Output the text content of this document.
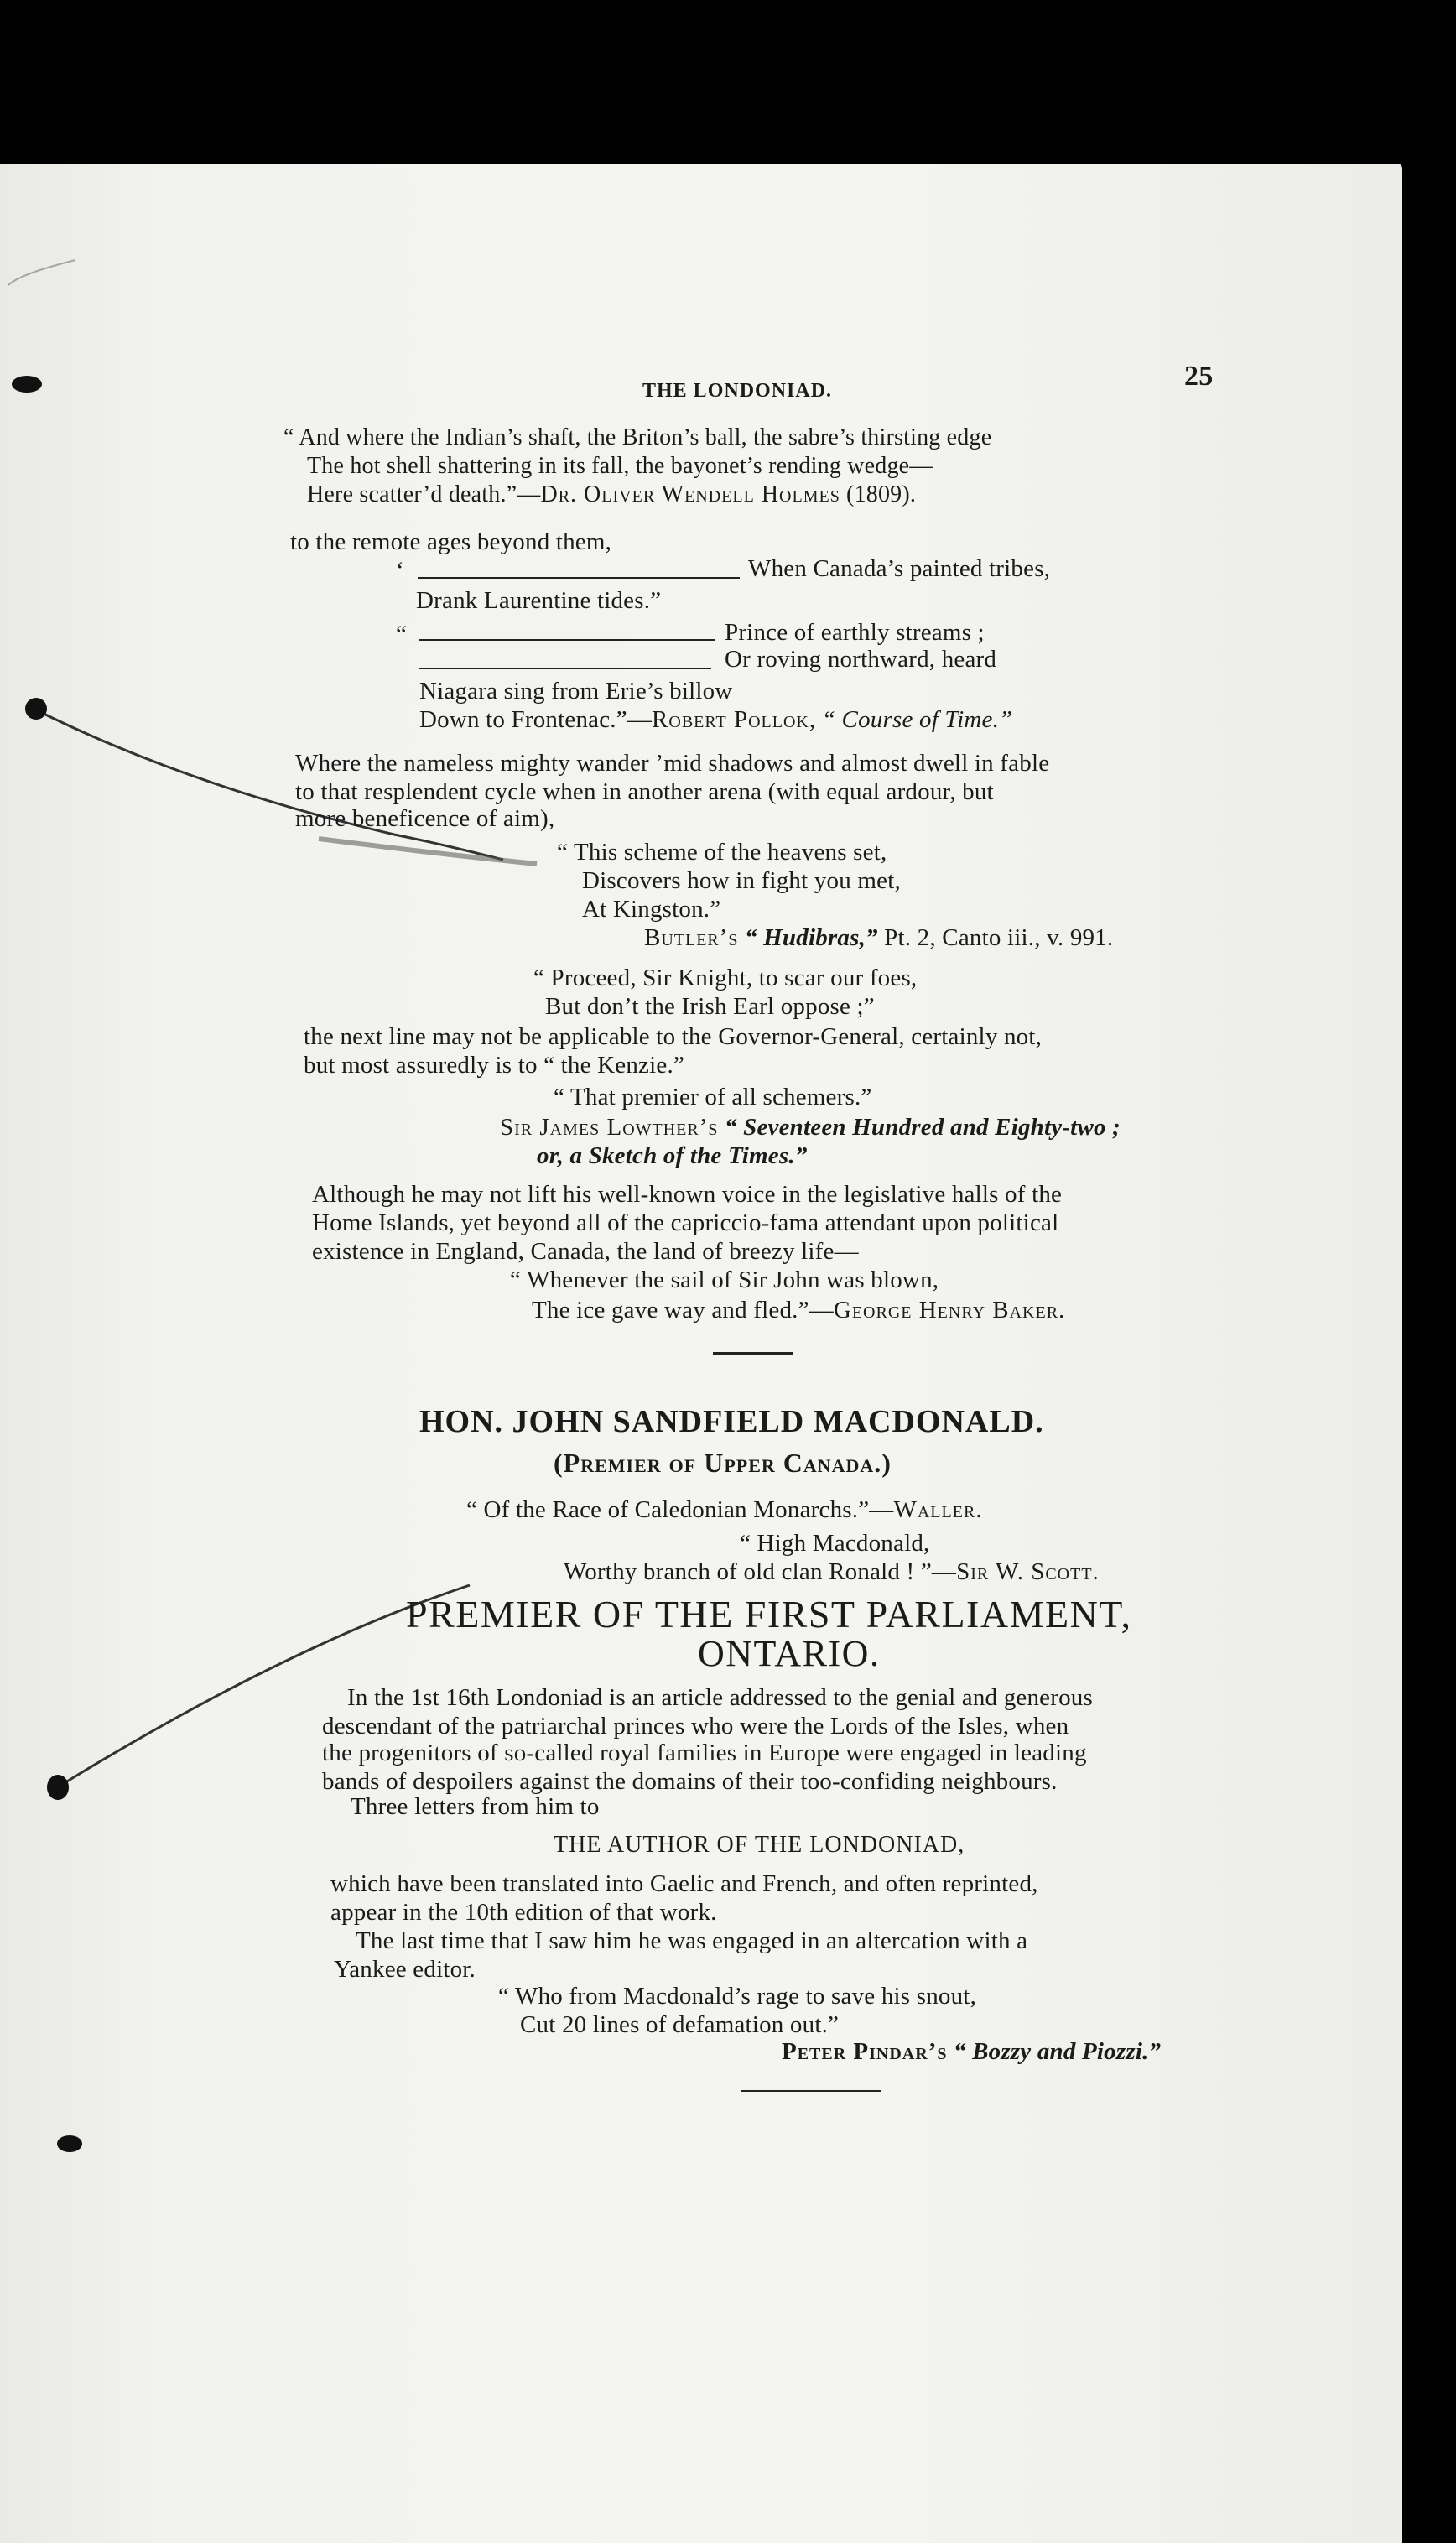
THE LONDONIAD.	25
“ And where the Indian’s shaft, the Briton’s ball, the sabre’s thirsting edge
The hot shell shattering in its fall, the bayonet’s rending wedge—
Here scatter’d death.”—Dr. Oliver Wendell Holmes (1809).
to the remote ages beyond them,
‘	When Canada’s painted tribes,
Drank Laurentine tides.”
“	Prince of earthly streams ;
Or roving northward, heard
Niagara sing from Erie’s billow
Down to Frontenac.”—Robert Pollok, “ Course of Time.”
Where the nameless mighty wander ’mid shadows and almost dwell in fable
to that resplendent cycle when in another arena (with equal ardour, but
more beneficence of aim),
“ This scheme of the heavens set,
Discovers how in fight you met,
At Kingston.”
Butler’s “ Hudibras,” Pt. 2, Canto iii., v. 991.
“ Proceed, Sir Knight, to scar our foes,
But don’t the Irish Earl oppose ;”
the next line may not be applicable to the Governor-General, certainly not,
but most assuredly is to “ the Kenzie.”
“ That premier of all schemers.”
Sir James Lowther’s “ Seventeen Hundred and Eighty-two ;
or, a Sketch of the Times.”
Although he may not lift his well-known voice in the legislative halls of the
Home Islands, yet beyond all of the capriccio-fama attendant upon political
existence in England, Canada, the land of breezy life—
“ Whenever the sail of Sir John was blown,
The ice gave way and fled.”—George Henry Baker.
HON. JOHN SANDFIELD MACDONALD.
(Premier of Upper Canada.)
“ Of the Race of Caledonian Monarchs.”—Waller.
“ High Macdonald,
Worthy branch of old clan Ronald ! ”—Sir W. Scott.
PREMIER OF THE FIRST PARLIAMENT,
ONTARIO.
In the 1st 16th Londoniad is an article addressed to the genial and generous
descendant of the patriarchal princes who were the Lords of the Isles, when
the progenitors of so-called royal families in Europe were engaged in leading
bands of despoilers against the domains of their too-confiding neighbours.
Three letters from him to
THE AUTHOR OF THE LONDONIAD,
which have been translated into Gaelic and French, and often reprinted,
appear in the 10th edition of that work.
The last time that I saw him he was engaged in an altercation with a
Yankee editor.
“ Who from Macdonald’s rage to save his snout,
Cut 20 lines of defamation out.”
Peter Pindar’s “ Bozzy and Piozzi.”
